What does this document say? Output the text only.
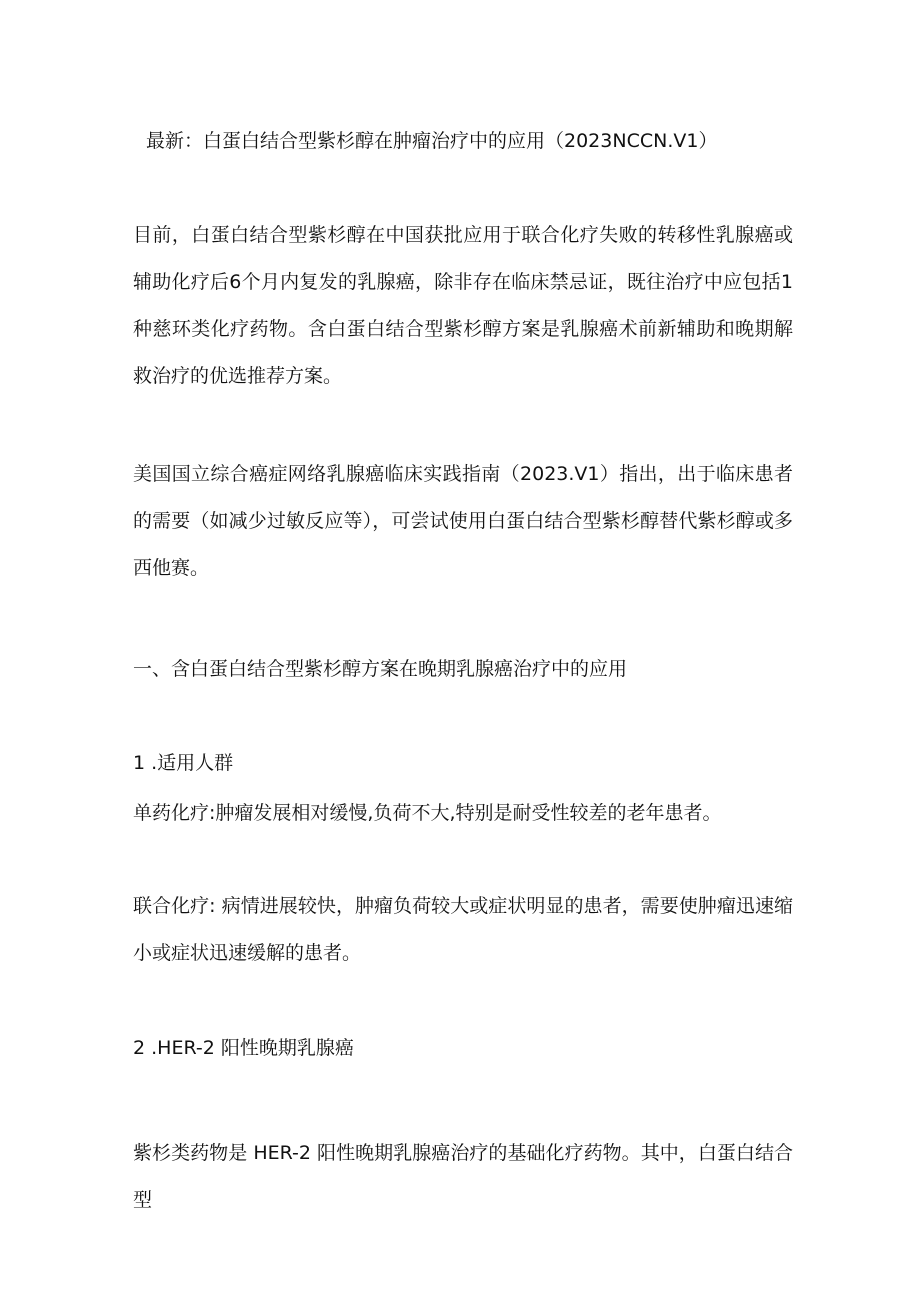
最新：白蛋白结合型紫杉醇在肿瘤治疗中的应用（2023NCCN.V1）

目前，白蛋白结合型紫杉醇在中国获批应用于联合化疗失败的转移性乳腺癌或辅助化疗后6个月内复发的乳腺癌，除非存在临床禁忌证，既往治疗中应包括1种慈环类化疗药物。含白蛋白结合型紫杉醇方案是乳腺癌术前新辅助和晚期解救治疗的优选推荐方案。

美国国立综合癌症网络乳腺癌临床实践指南（2023.V1）指出，出于临床患者的需要（如减少过敏反应等），可尝试使用白蛋白结合型紫杉醇替代紫杉醇或多西他赛。

一、含白蛋白结合型紫杉醇方案在晚期乳腺癌治疗中的应用

1 .适用人群

单药化疗:肿瘤发展相对缓慢,负荷不大,特别是耐受性较差的老年患者。

联合化疗: 病情进展较快，肿瘤负荷较大或症状明显的患者，需要使肿瘤迅速缩小或症状迅速缓解的患者。

2 .HER-2 阳性晚期乳腺癌

紫杉类药物是 HER-2 阳性晚期乳腺癌治疗的基础化疗药物。其中，白蛋白结合型
